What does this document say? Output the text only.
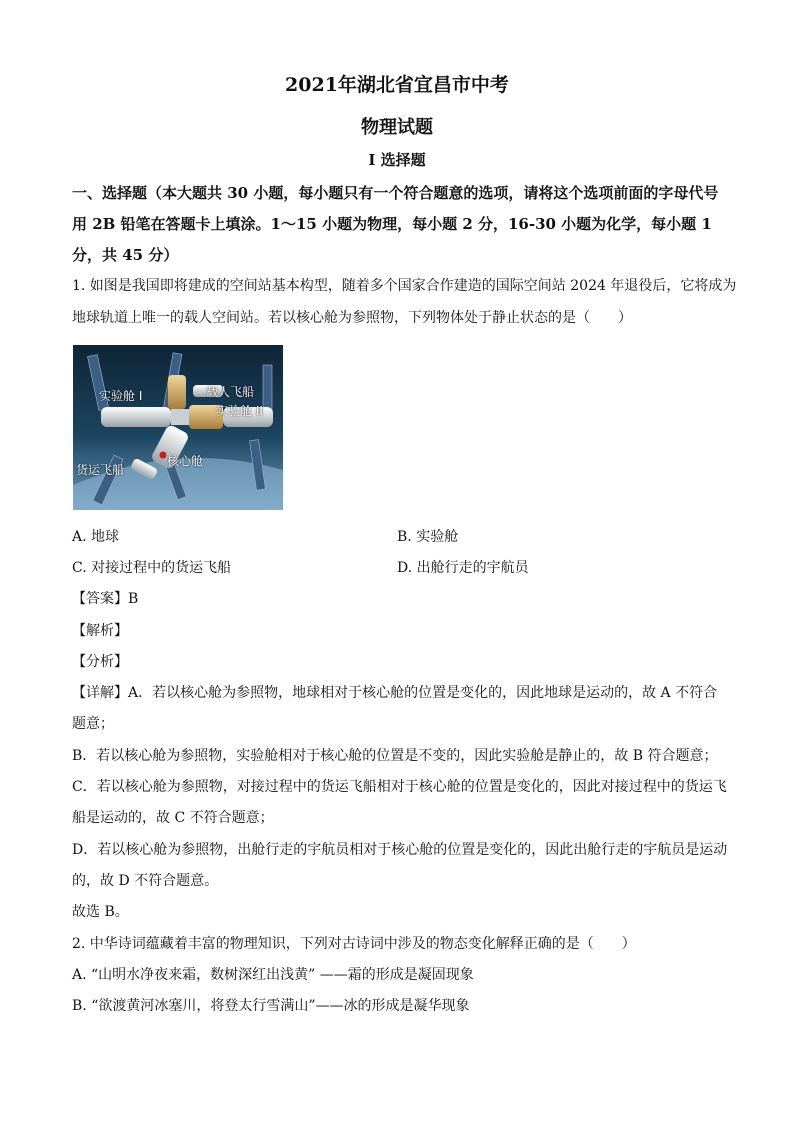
2021年湖北省宜昌市中考
物理试题
I 选择题
一、选择题（本大题共 30 小题，每小题只有一个符合题意的选项，请将这个选项前面的字母代号用 2B 铅笔在答题卡上填涂。1～15 小题为物理，每小题 2 分，16-30 小题为化学，每小题 1 分，共 45 分）
1. 如图是我国即将建成的空间站基本构型，随着多个国家合作建造的国际空间站 2024 年退役后，它将成为
地球轨道上唯一的载人空间站。若以核心舱为参照物，下列物体处于静止状态的是（　　）
实验舱 I	载人飞船
实验舱 II
核心舱
货运飞船
A. 地球	B. 实验舱
C. 对接过程中的货运飞船	D. 出舱行走的宇航员
【答案】B
【解析】
【分析】
【详解】A．若以核心舱为参照物，地球相对于核心舱的位置是变化的，因此地球是运动的，故 A 不符合
题意；
B．若以核心舱为参照物，实验舱相对于核心舱的位置是不变的，因此实验舱是静止的，故 B 符合题意；
C．若以核心舱为参照物，对接过程中的货运飞船相对于核心舱的位置是变化的，因此对接过程中的货运飞
船是运动的，故 C 不符合题意；
D．若以核心舱为参照物，出舱行走的宇航员相对于核心舱的位置是变化的，因此出舱行走的宇航员是运动
的，故 D 不符合题意。
故选 B。
2. 中华诗词蕴藏着丰富的物理知识，下列对古诗词中涉及的物态变化解释正确的是（　　）
A. “山明水净夜来霜，数树深红出浅黄” ——霜的形成是凝固现象
B. “欲渡黄河冰塞川，将登太行雪满山”——冰的形成是凝华现象
